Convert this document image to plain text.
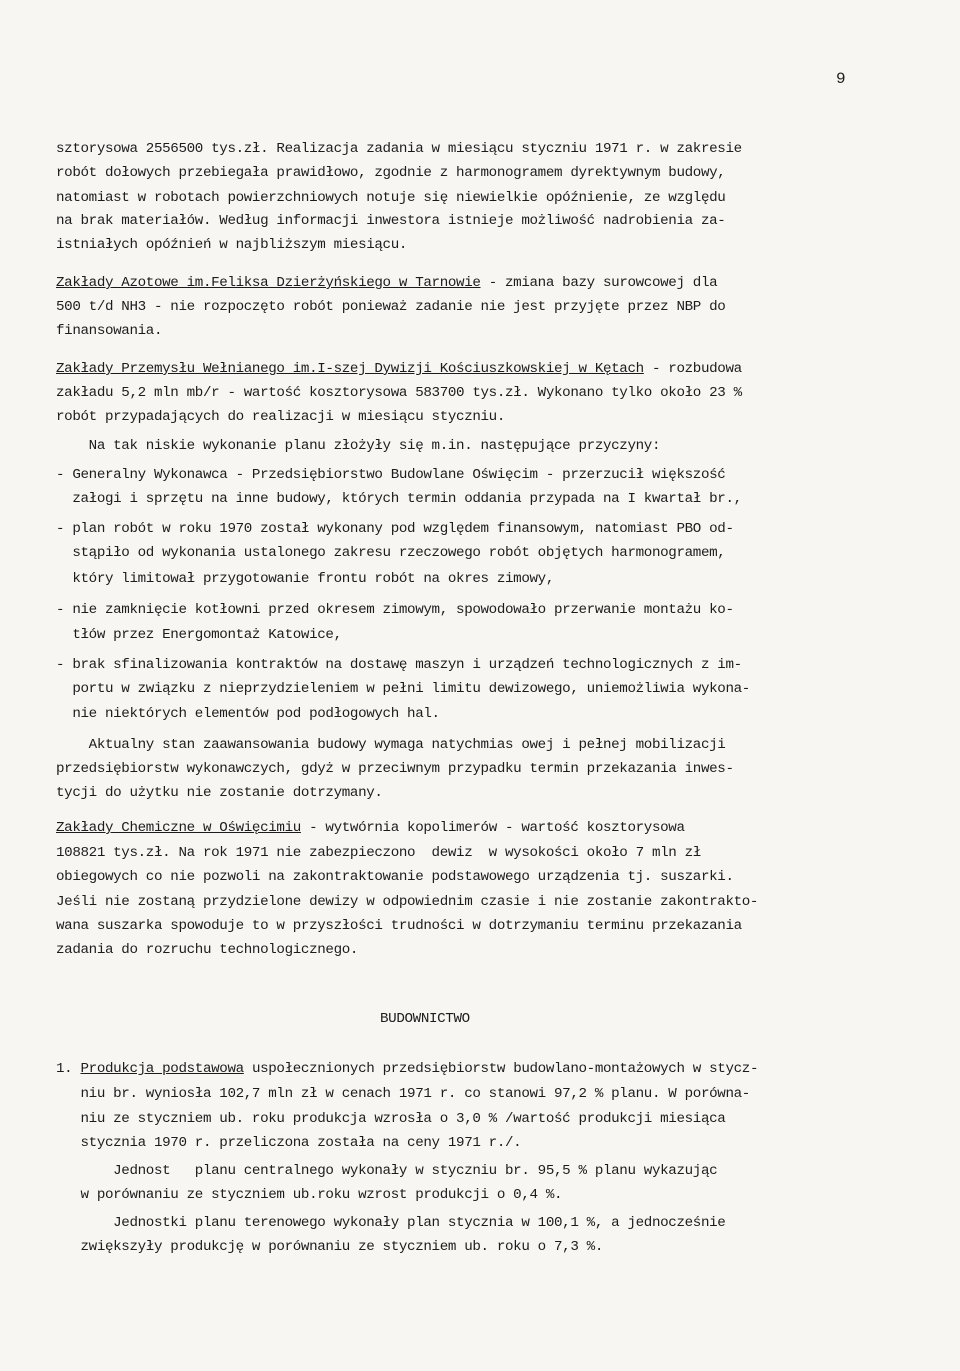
9
BUDOWNICTWO
sztorysowa 2556500 tys.zł. Realizacja zadania w miesiącu styczniu 1971 r. w zakresie
robót dołowych przebiegała prawidłowo, zgodnie z harmonogramem dyrektywnym budowy,
natomiast w robotach powierzchniowych notuje się niewielkie opóźnienie, ze względu
na brak materiałów. Według informacji inwestora istnieje możliwość nadrobienia za-
istniałych opóźnień w najbliższym miesiącu.
Zakłady Azotowe im.Feliksa Dzierżyńskiego w Tarnowie - zmiana bazy surowcowej dla
500 t/d NH3 - nie rozpoczęto robót ponieważ zadanie nie jest przyjęte przez NBP do
finansowania.
Zakłady Przemysłu Wełnianego im.I-szej Dywizji Kościuszkowskiej w Kętach - rozbudowa
zakładu 5,2 mln mb/r - wartość kosztorysowa 583700 tys.zł. Wykonano tylko około 23 %
robót przypadających do realizacji w miesiącu styczniu.
Na tak niskie wykonanie planu złożyły się m.in. następujące przyczyny:
- Generalny Wykonawca - Przedsiębiorstwo Budowlane Oświęcim - przerzucił większość
załogi i sprzętu na inne budowy, których termin oddania przypada na I kwartał br.,
- plan robót w roku 1970 został wykonany pod względem finansowym, natomiast PBO od-
stąpiło od wykonania ustalonego zakresu rzeczowego robót objętych harmonogramem,
który limitował przygotowanie frontu robót na okres zimowy,
- nie zamknięcie kotłowni przed okresem zimowym, spowodowało przerwanie montażu ko-
tłów przez Energomontaż Katowice,
- brak sfinalizowania kontraktów na dostawę maszyn i urządzeń technologicznych z im-
portu w związku z nieprzydzieleniem w pełni limitu dewizowego, uniemożliwia wykona-
nie niektórych elementów pod podłogowych hal.
Aktualny stan zaawansowania budowy wymaga natychmias owej i pełnej mobilizacji
przedsiębiorstw wykonawczych, gdyż w przeciwnym przypadku termin przekazania inwes-
tycji do użytku nie zostanie dotrzymany.
Zakłady Chemiczne w Oświęcimiu - wytwórnia kopolimerów - wartość kosztorysowa
108821 tys.zł. Na rok 1971 nie zabezpieczono  dewiz  w wysokości około 7 mln zł
obiegowych co nie pozwoli na zakontraktowanie podstawowego urządzenia tj. suszarki.
Jeśli nie zostaną przydzielone dewizy w odpowiednim czasie i nie zostanie zakontrakto-
wana suszarka spowoduje to w przyszłości trudności w dotrzymaniu terminu przekazania
zadania do rozruchu technologicznego.
1. Produkcja podstawowa uspołecznionych przedsiębiorstw budowlano-montażowych w stycz-
niu br. wyniosła 102,7 mln zł w cenach 1971 r. co stanowi 97,2 % planu. W porówna-
niu ze styczniem ub. roku produkcja wzrosła o 3,0 % /wartość produkcji miesiąca
stycznia 1970 r. przeliczona została na ceny 1971 r./.
Jednost   planu centralnego wykonały w styczniu br. 95,5 % planu wykazując
w porównaniu ze styczniem ub.roku wzrost produkcji o 0,4 %.
Jednostki planu terenowego wykonały plan stycznia w 100,1 %, a jednocześnie
zwiększyły produkcję w porównaniu ze styczniem ub. roku o 7,3 %.
